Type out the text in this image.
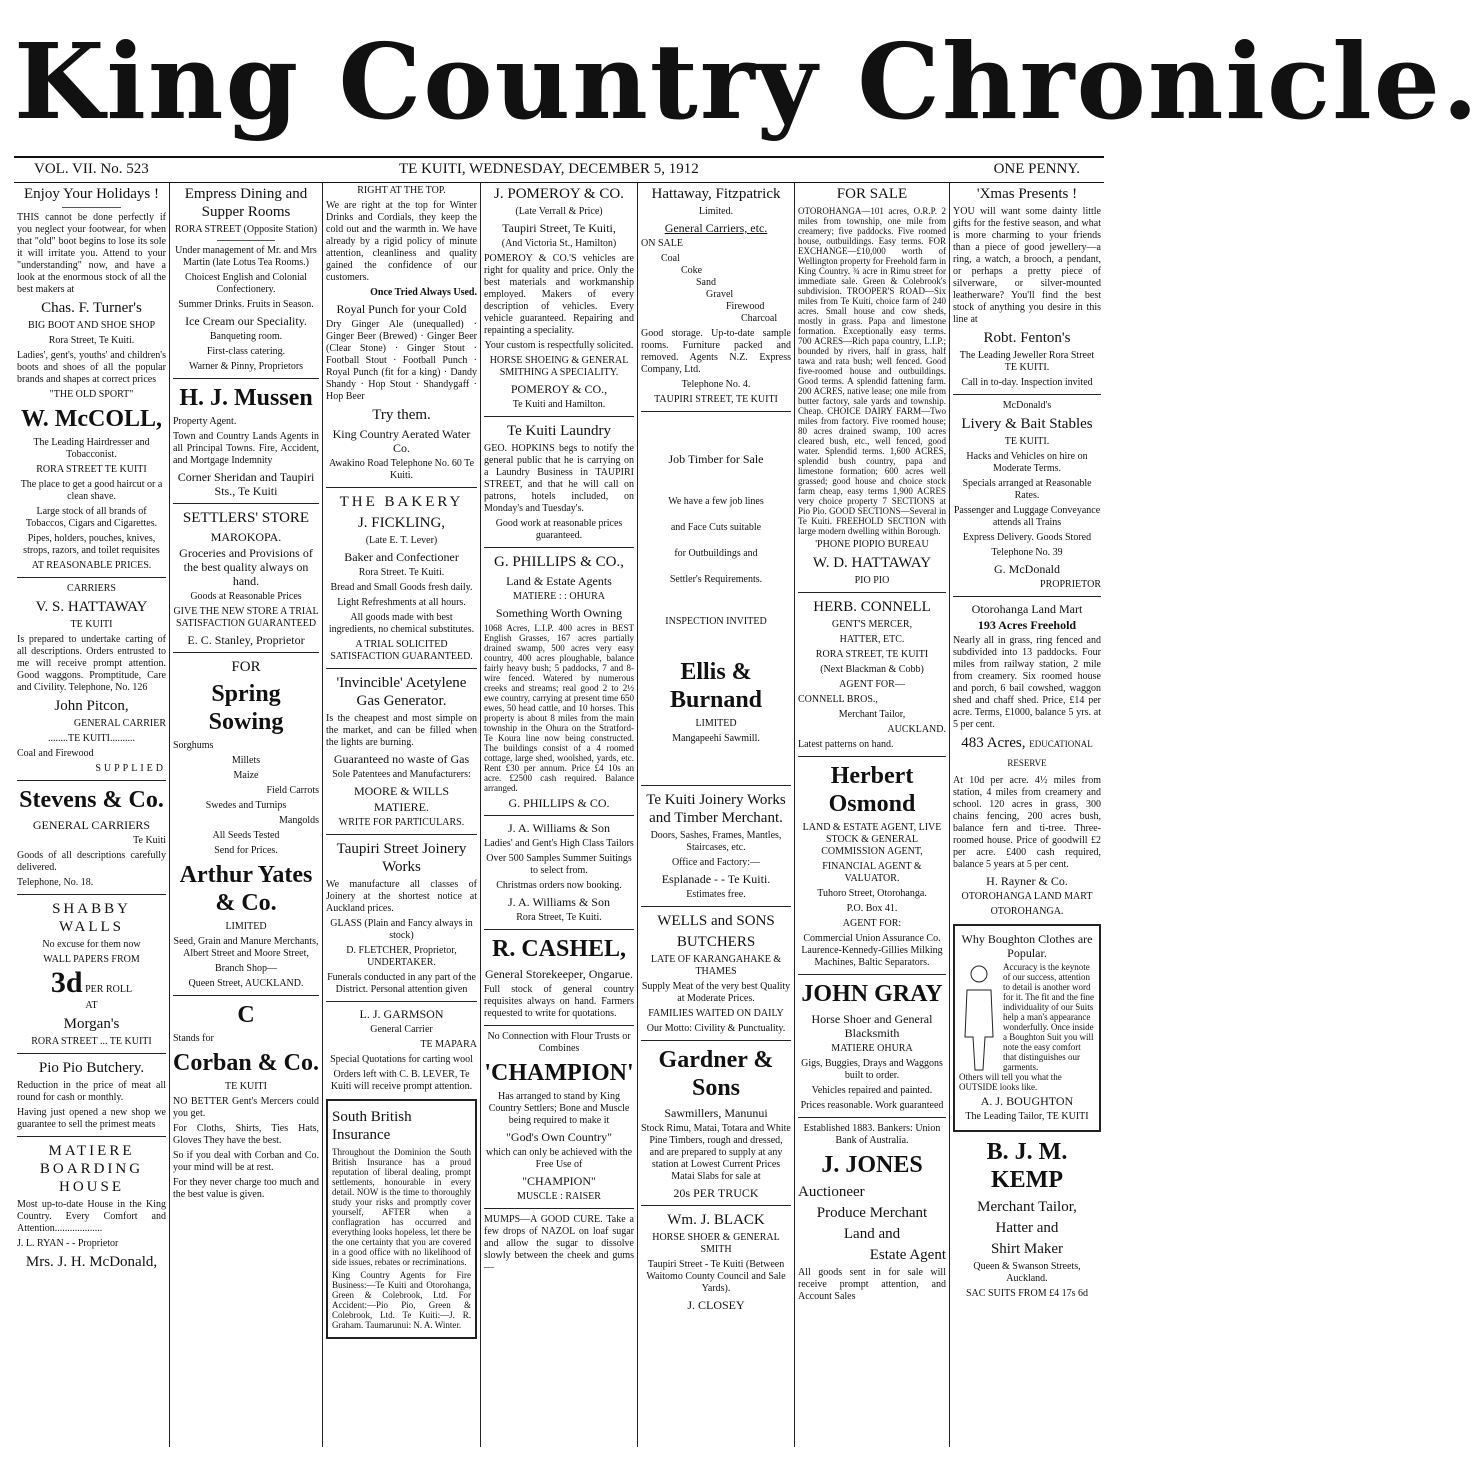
King Country Chronicle.
VOL. VII. No. 523	TE KUITI, WEDNESDAY, DECEMBER 5, 1912	ONE PENNY.
Enjoy Your Holidays !
THIS cannot be done perfectly if you neglect your footwear, for when that "old" boot begins to lose its sole it will irritate you. Attend to your "understanding" now, and have a look at the enormous stock of all the best makers at
Chas. F. Turner's
BIG BOOT AND SHOE SHOP
Rora Street, Te Kuiti.
Ladies', gent's, youths' and children's boots and shoes of all the popular brands and shapes at correct prices
"THE OLD SPORT"
W. McCOLL,
The Leading Hairdresser and Tobacconist.
RORA STREET TE KUITI
The place to get a good haircut or a clean shave.
Large stock of all brands of Tobaccos, Cigars and Cigarettes.
Pipes, holders, pouches, knives, strops, razors, and toilet requisites
AT REASONABLE PRICES.
CARRIERS
V. S. HATTAWAY
TE KUITI
Is prepared to undertake carting of all descriptions. Orders entrusted to me will receive prompt attention. Good waggons. Promptitude, Care and Civility. Telephone, No. 126
John Pitcon,
GENERAL CARRIER
........TE KUITI..........
Coal and Firewood
SUPPLIED
Stevens & Co.
GENERAL CARRIERS
Te Kuiti
Goods of all descriptions carefully delivered.
Telephone, No. 18.
SHABBY WALLS
No excuse for them now
WALL PAPERS FROM
3d PER ROLL
AT
Morgan's
RORA STREET ... TE KUITI
Pio Pio Butchery.
Reduction in the price of meat all round for cash or monthly.
Having just opened a new shop we guarantee to sell the primest meats
MATIERE BOARDING HOUSE
Most up-to-date House in the King Country. Every Comfort and Attention...................
J. L. RYAN - - Proprietor
Mrs. J. H. McDonald,
Empress Dining and Supper Rooms
RORA STREET (Opposite Station)
Under management of Mr. and Mrs Martin (late Lotus Tea Rooms.)
Choicest English and Colonial Confectionery.
Summer Drinks. Fruits in Season.
Ice Cream our Speciality.
Banqueting room.
First-class catering.
Warner & Pinny, Proprietors
H. J. Mussen
Property Agent.
Town and Country Lands Agents in all Principal Towns. Fire, Accident, and Mortgage Indemnity
Corner Sheridan and Taupiri Sts., Te Kuiti
SETTLERS' STORE
MAROKOPA.
Groceries and Provisions of the best quality always on hand.
Goods at Reasonable Prices
GIVE THE NEW STORE A TRIAL SATISFACTION GUARANTEED
E. C. Stanley, Proprietor
FOR
Spring Sowing
Sorghums
Millets
Maize
Field Carrots
Swedes and Turnips
Mangolds
All Seeds Tested
Send for Prices.
Arthur Yates & Co.
LIMITED
Seed, Grain and Manure Merchants, Albert Street and Moore Street,
Branch Shop—
Queen Street, AUCKLAND.
C
Stands for
Corban & Co.
TE KUITI
NO BETTER Gent's Mercers could you get.
For Cloths, Shirts, Ties Hats, Gloves They have the best.
So if you deal with Corban and Co. your mind will be at rest.
For they never charge too much and the best value is given.
RIGHT AT THE TOP.
We are right at the top for Winter Drinks and Cordials, they keep the cold out and the warmth in. We have already by a rigid policy of minute attention, cleanliness and quality gained the confidence of our customers.
Once Tried Always Used.
Royal Punch for your Cold
Dry Ginger Ale (unequalled) · Ginger Beer (Brewed) · Ginger Beer (Clear Stone) · Ginger Stout · Football Stout · Football Punch · Royal Punch (fit for a king) · Dandy Shandy · Hop Stout · Shandygaff · Hop Beer
Try them.
King Country Aerated Water Co.
Awakino Road Telephone No. 60 Te Kuiti.
THE BAKERY
J. FICKLING,
(Late E. T. Lever)
Baker and Confectioner
Rora Street. Te Kuiti.
Bread and Small Goods fresh daily.
Light Refreshments at all hours.
All goods made with best ingredients, no chemical substitutes.
A TRIAL SOLICITED SATISFACTION GUARANTEED.
'Invincible' Acetylene Gas Generator.
Is the cheapest and most simple on the market, and can be filled when the lights are burning.
Guaranteed no waste of Gas
Sole Patentees and Manufacturers:
MOORE & WILLS
MATIERE.
WRITE FOR PARTICULARS.
Taupiri Street Joinery Works
We manufacture all classes of Joinery at the shortest notice at Auckland prices.
GLASS (Plain and Fancy always in stock)
D. FLETCHER, Proprietor, UNDERTAKER.
Funerals conducted in any part of the District. Personal attention given
L. J. GARMSON
General Carrier
TE MAPARA
Special Quotations for carting wool
Orders left with C. B. LEVER, Te Kuiti will receive prompt attention.
South British Insurance
Throughout the Dominion the South British Insurance has a proud reputation of liberal dealing, prompt settlements, honourable in every detail. NOW is the time to thoroughly study your risks and promptly cover yourself, AFTER when a conflagration has occurred and everything looks hopeless, let there be the one certainty that you are covered in a good office with no likelihood of side issues, rebates or recriminations.
King Country Agents for Fire Business:—Te Kuiti and Otorohanga, Green & Colebrook, Ltd. For Accident:—Pio Pio, Green & Colebrook, Ltd. Te Kuiti:—J. R. Graham. Taumarunui: N. A. Winter.
J. POMEROY & CO.
(Late Verrall & Price)
Taupiri Street, Te Kuiti,
(And Victoria St., Hamilton)
POMEROY & CO.'S vehicles are right for quality and price. Only the best materials and workmanship employed. Makers of every description of vehicles. Every vehicle guaranteed. Repairing and repainting a speciality.
Your custom is respectfully solicited.
HORSE SHOEING & GENERAL SMITHING A SPECIALITY.
POMEROY & CO.,
Te Kuiti and Hamilton.
Te Kuiti Laundry
GEO. HOPKINS begs to notify the general public that he is carrying on a Laundry Business in TAUPIRI STREET, and that he will call on patrons, hotels included, on Monday's and Tuesday's.
Good work at reasonable prices guaranteed.
G. PHILLIPS & CO.,
Land & Estate Agents
MATIERE : : OHURA
Something Worth Owning
1068 Acres, L.I.P. 400 acres in BEST English Grasses, 167 acres partially drained swamp, 500 acres very easy country, 400 acres ploughable, balance fairly heavy bush; 5 paddocks, 7 and 8-wire fenced. Watered by numerous creeks and streams; real good 2 to 2½ ewe country, carrying at present time 650 ewes, 50 head cattle, and 10 horses. This property is about 8 miles from the main township in the Ohura on the Stratford-Te Koura line now being constructed. The buildings consist of a 4 roomed cottage, large shed, woolshed, yards, etc. Rent £30 per annum. Price £4 10s an acre. £2500 cash required. Balance arranged.
G. PHILLIPS & CO.
J. A. Williams & Son
Ladies' and Gent's High Class Tailors
Over 500 Samples Summer Suitings to select from.
Christmas orders now booking.
J. A. Williams & Son
Rora Street, Te Kuiti.
R. CASHEL,
General Storekeeper, Ongarue.
Full stock of general country requisites always on hand. Farmers requested to write for quotations.
No Connection with Flour Trusts or Combines
'CHAMPION'
Has arranged to stand by King Country Settlers; Bone and Muscle being required to make it
"God's Own Country"
which can only be achieved with the Free Use of
"CHAMPION"
MUSCLE : RAISER
MUMPS—A GOOD CURE. Take a few drops of NAZOL on loaf sugar and allow the sugar to dissolve slowly between the cheek and gums—
Hattaway, Fitzpatrick
Limited.
General Carriers, etc.
ON SALE
Coal
Coke
Sand
Gravel
Firewood
Charcoal
Good storage. Up-to-date sample rooms. Furniture packed and removed. Agents N.Z. Express Company, Ltd.
Telephone No. 4.
TAUPIRI STREET, TE KUITI
Job Timber for Sale
We have a few job lines
and Face Cuts suitable
for Outbuildings and
Settler's Requirements.
INSPECTION INVITED
Ellis & Burnand
LIMITED
Mangapeehi Sawmill.
Te Kuiti Joinery Works and Timber Merchant.
Doors, Sashes, Frames, Mantles, Staircases, etc.
Office and Factory:—
Esplanade - - Te Kuiti.
Estimates free.
WELLS and SONS
BUTCHERS
LATE OF KARANGAHAKE & THAMES
Supply Meat of the very best Quality at Moderate Prices.
FAMILIES WAITED ON DAILY
Our Motto: Civility & Punctuality.
Gardner & Sons
Sawmillers, Manunui
Stock Rimu, Matai, Totara and White Pine Timbers, rough and dressed, and are prepared to supply at any station at Lowest Current Prices Matai Slabs for sale at
20s PER TRUCK
Wm. J. BLACK
HORSE SHOER & GENERAL SMITH
Taupiri Street - Te Kuiti (Between Waitomo County Council and Sale Yards).
J. CLOSEY
FOR SALE
OTOROHANGA—101 acres, O.R.P. 2 miles from township, one mile from creamery; five paddocks. Five roomed house, outbuildings. Easy terms. FOR EXCHANGE—£10,000 worth of Wellington property for Freehold farm in King Country. ¾ acre in Rimu street for immediate sale. Green & Colebrook's subdivision. TROOPER'S ROAD—Six miles from Te Kuiti, choice farm of 240 acres. Small house and cow sheds, mostly in grass. Papa and limestone formation. Exceptionally easy terms. 700 ACRES—Rich papa country, L.I.P.; bounded by rivers, half in grass, half tawa and rata bush; well fenced. Good five-roomed house and outbuildings. Good terms. A splendid fattening farm. 200 ACRES, native lease; one mile from butter factory, sale yards and township. Cheap. CHOICE DAIRY FARM—Two miles from factory. Five roomed house; 80 acres drained swamp, 100 acres cleared bush, etc., well fenced, good water. Splendid terms. 1,600 ACRES, splendid bush country, papa and limestone formation; 600 acres well grassed; good house and choice stock farm cheap, easy terms 1,900 ACRES very choice property 7 SECTIONS at Pio Pio. GOOD SECTIONS—Several in Te Kuiti. FREEHOLD SECTION with large modern dwelling within Borough.
'PHONE PIOPIO BUREAU
W. D. HATTAWAY
PIO PIO
HERB. CONNELL
GENT'S MERCER,
HATTER, ETC.
RORA STREET, TE KUITI
(Next Blackman & Cobb)
AGENT FOR—
CONNELL BROS.,
Merchant Tailor,
AUCKLAND.
Latest patterns on hand.
Herbert Osmond
LAND & ESTATE AGENT, LIVE STOCK & GENERAL COMMISSION AGENT,
FINANCIAL AGENT & VALUATOR.
Tuhoro Street, Otorohanga.
P.O. Box 41.
AGENT FOR:
Commercial Union Assurance Co. Laurence-Kennedy-Gillies Milking Machines, Baltic Separators.
JOHN GRAY
Horse Shoer and General Blacksmith
MATIERE OHURA
Gigs, Buggies, Drays and Waggons built to order.
Vehicles repaired and painted.
Prices reasonable. Work guaranteed
Established 1883. Bankers: Union Bank of Australia.
J. JONES
Auctioneer
Produce Merchant
Land and
Estate Agent
All goods sent in for sale will receive prompt attention, and Account Sales
'Xmas Presents !
YOU will want some dainty little gifts for the festive season, and what is more charming to your friends than a piece of good jewellery—a ring, a watch, a brooch, a pendant, or perhaps a pretty piece of silverware, or silver-mounted leatherware? You'll find the best stock of anything you desire in this line at
Robt. Fenton's
The Leading Jeweller Rora Street TE KUITI.
Call in to-day. Inspection invited
McDonald's
Livery & Bait Stables
TE KUITI.
Hacks and Vehicles on hire on Moderate Terms.
Specials arranged at Reasonable Rates.
Passenger and Luggage Conveyance attends all Trains
Express Delivery. Goods Stored
Telephone No. 39
G. McDonald
PROPRIETOR
Otorohanga Land Mart
193 Acres Freehold
Nearly all in grass, ring fenced and subdivided into 13 paddocks. Four miles from railway station, 2 mile from creamery. Six roomed house and porch, 6 bail cowshed, waggon shed and chaff shed. Price, £14 per acre. Terms, £1000, balance 5 yrs. at 5 per cent.
483 Acres, EDUCATIONAL RESERVE
At 10d per acre. 4½ miles from station, 4 miles from creamery and school. 120 acres in grass, 300 chains fencing, 200 acres bush, balance fern and ti-tree. Three-roomed house. Price of goodwill £2 per acre. £400 cash required, balance 5 years at 5 per cent.
H. Rayner & Co.
OTOROHANGA LAND MART
OTOROHANGA.
Why Boughton Clothes are Popular.
Accuracy is the keynote of our success, attention to detail is another word for it. The fit and the fine individuality of our Suits help a man's appearance wonderfully. Once inside a Boughton Suit you will note the easy comfort that distinguishes our garments.
Others will tell you what the OUTSIDE looks like.
A. J. BOUGHTON
The Leading Tailor, TE KUITI
B. J. M. KEMP
Merchant Tailor,
Hatter and
Shirt Maker
Queen & Swanson Streets, Auckland.
SAC SUITS FROM £4 17s 6d
